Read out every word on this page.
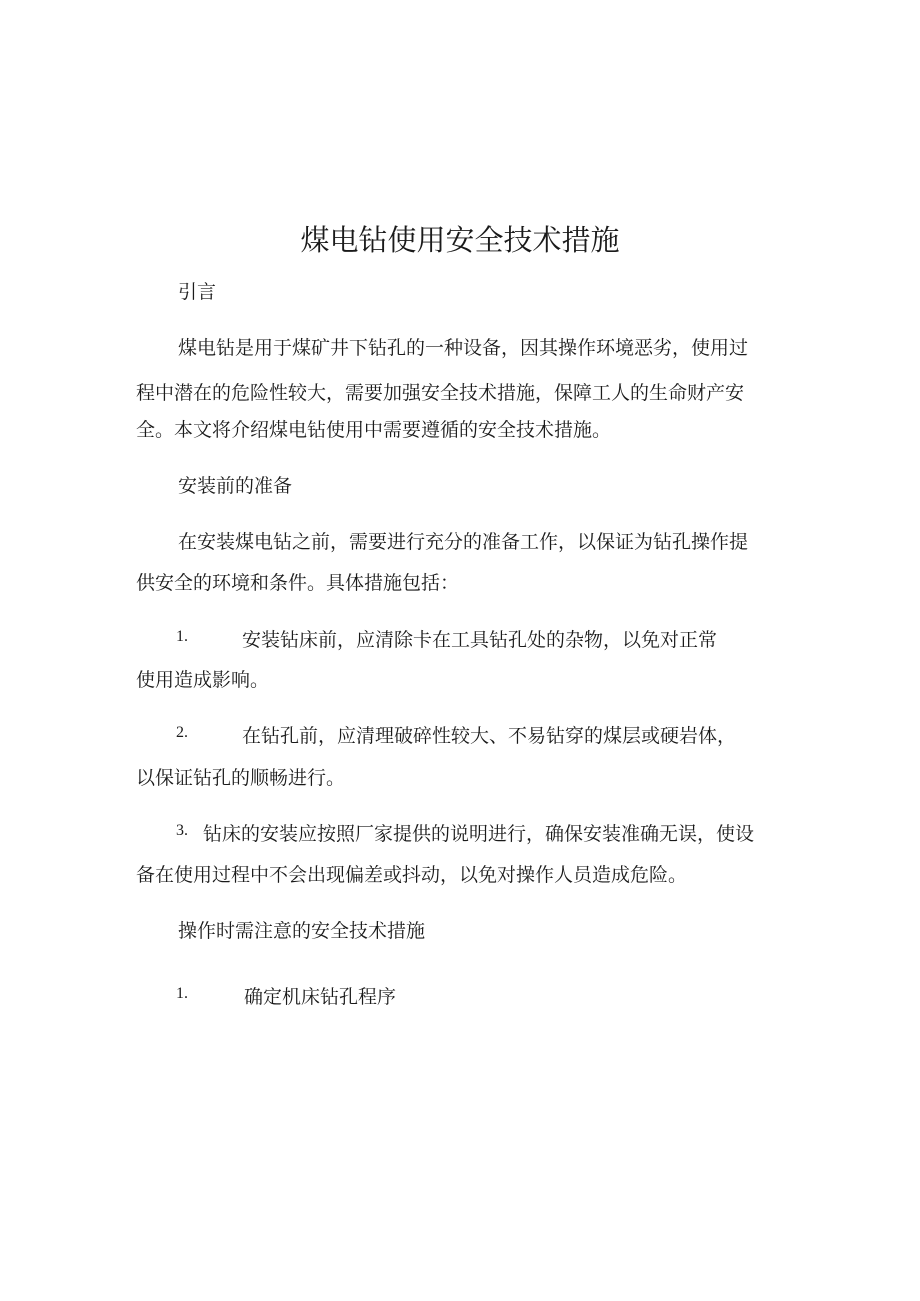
煤电钻使用安全技术措施

引言

煤电钻是用于煤矿井下钻孔的一种设备，因其操作环境恶劣，使用过

程中潜在的危险性较大，需要加强安全技术措施，保障工人的生命财产安

全。本文将介绍煤电钻使用中需要遵循的安全技术措施。

安装前的准备

在安装煤电钻之前，需要进行充分的准备工作，以保证为钻孔操作提

供安全的环境和条件。具体措施包括：

1.	安装钻床前，应清除卡在工具钻孔处的杂物，以免对正常

使用造成影响。

2.	在钻孔前，应清理破碎性较大、不易钻穿的煤层或硬岩体，

以保证钻孔的顺畅进行。

3. 钻床的安装应按照厂家提供的说明进行，确保安装准确无误，使设

备在使用过程中不会出现偏差或抖动，以免对操作人员造成危险。

操作时需注意的安全技术措施

1.	确定机床钻孔程序
